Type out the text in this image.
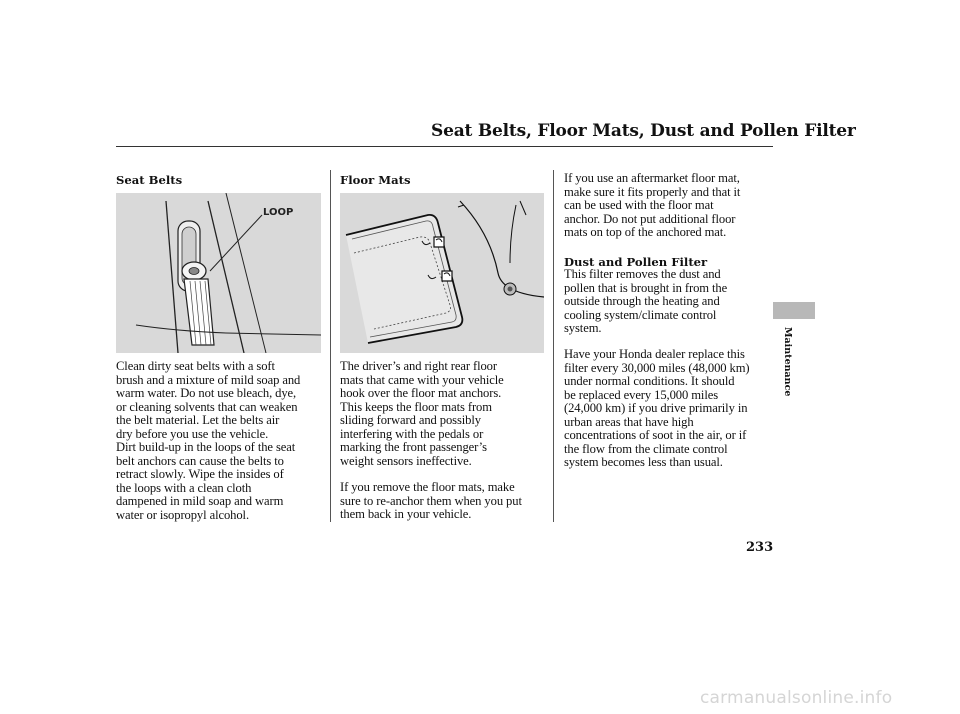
Seat Belts, Floor Mats, Dust and Pollen Filter
Seat Belts
LOOP
Clean dirty seat belts with a soft
brush and a mixture of mild soap and
warm water. Do not use bleach, dye,
or cleaning solvents that can weaken
the belt material. Let the belts air
dry before you use the vehicle.
Dirt build-up in the loops of the seat
belt anchors can cause the belts to
retract slowly. Wipe the insides of
the loops with a clean cloth
dampened in mild soap and warm
water or isopropyl alcohol.
Floor Mats
The driver’s and right rear floor
mats that came with your vehicle
hook over the floor mat anchors.
This keeps the floor mats from
sliding forward and possibly
interfering with the pedals or
marking the front passenger’s
weight sensors ineffective.
If you remove the floor mats, make
sure to re-anchor them when you put
them back in your vehicle.
If you use an aftermarket floor mat,
make sure it fits properly and that it
can be used with the floor mat
anchor. Do not put additional floor
mats on top of the anchored mat.
Dust and Pollen Filter
This filter removes the dust and
pollen that is brought in from the
outside through the heating and
cooling system/climate control
system.
Have your Honda dealer replace this
filter every 30,000 miles (48,000 km)
under normal conditions. It should
be replaced every 15,000 miles
(24,000 km) if you drive primarily in
urban areas that have high
concentrations of soot in the air, or if
the flow from the climate control
system becomes less than usual.
Maintenance
233
carmanualsonline.info
